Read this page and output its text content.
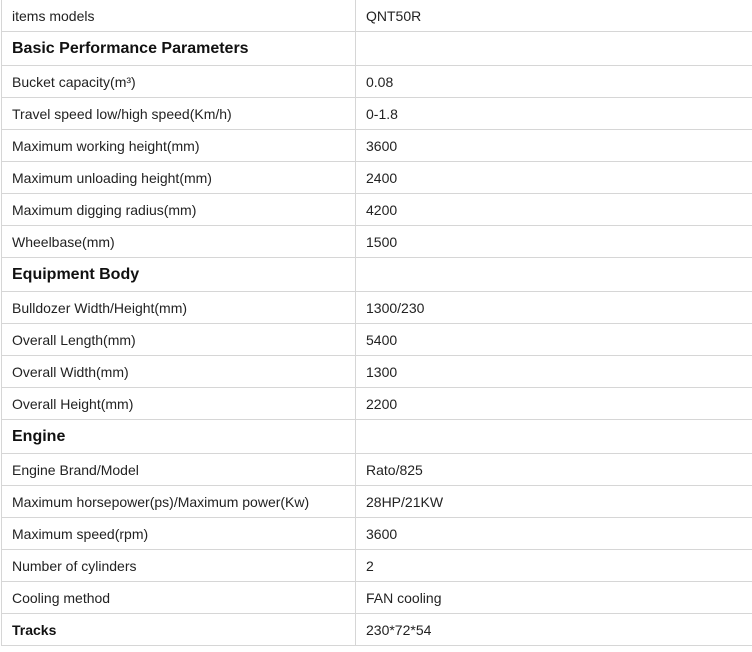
items models	QNT50R
Basic Performance Parameters	
Bucket capacity(m³)	0.08
Travel speed low/high speed(Km/h)	0-1.8
Maximum working height(mm)	3600
Maximum unloading height(mm)	2400
Maximum digging radius(mm)	4200
Wheelbase(mm)	1500
Equipment Body	
Bulldozer Width/Height(mm)	1300/230
Overall Length(mm)	5400
Overall Width(mm)	1300
Overall Height(mm)	2200
Engine	
Engine Brand/Model	Rato/825
Maximum horsepower(ps)/Maximum power(Kw)	28HP/21KW
Maximum speed(rpm)	3600
Number of cylinders	2
Cooling method	FAN cooling
Tracks	230*72*54
